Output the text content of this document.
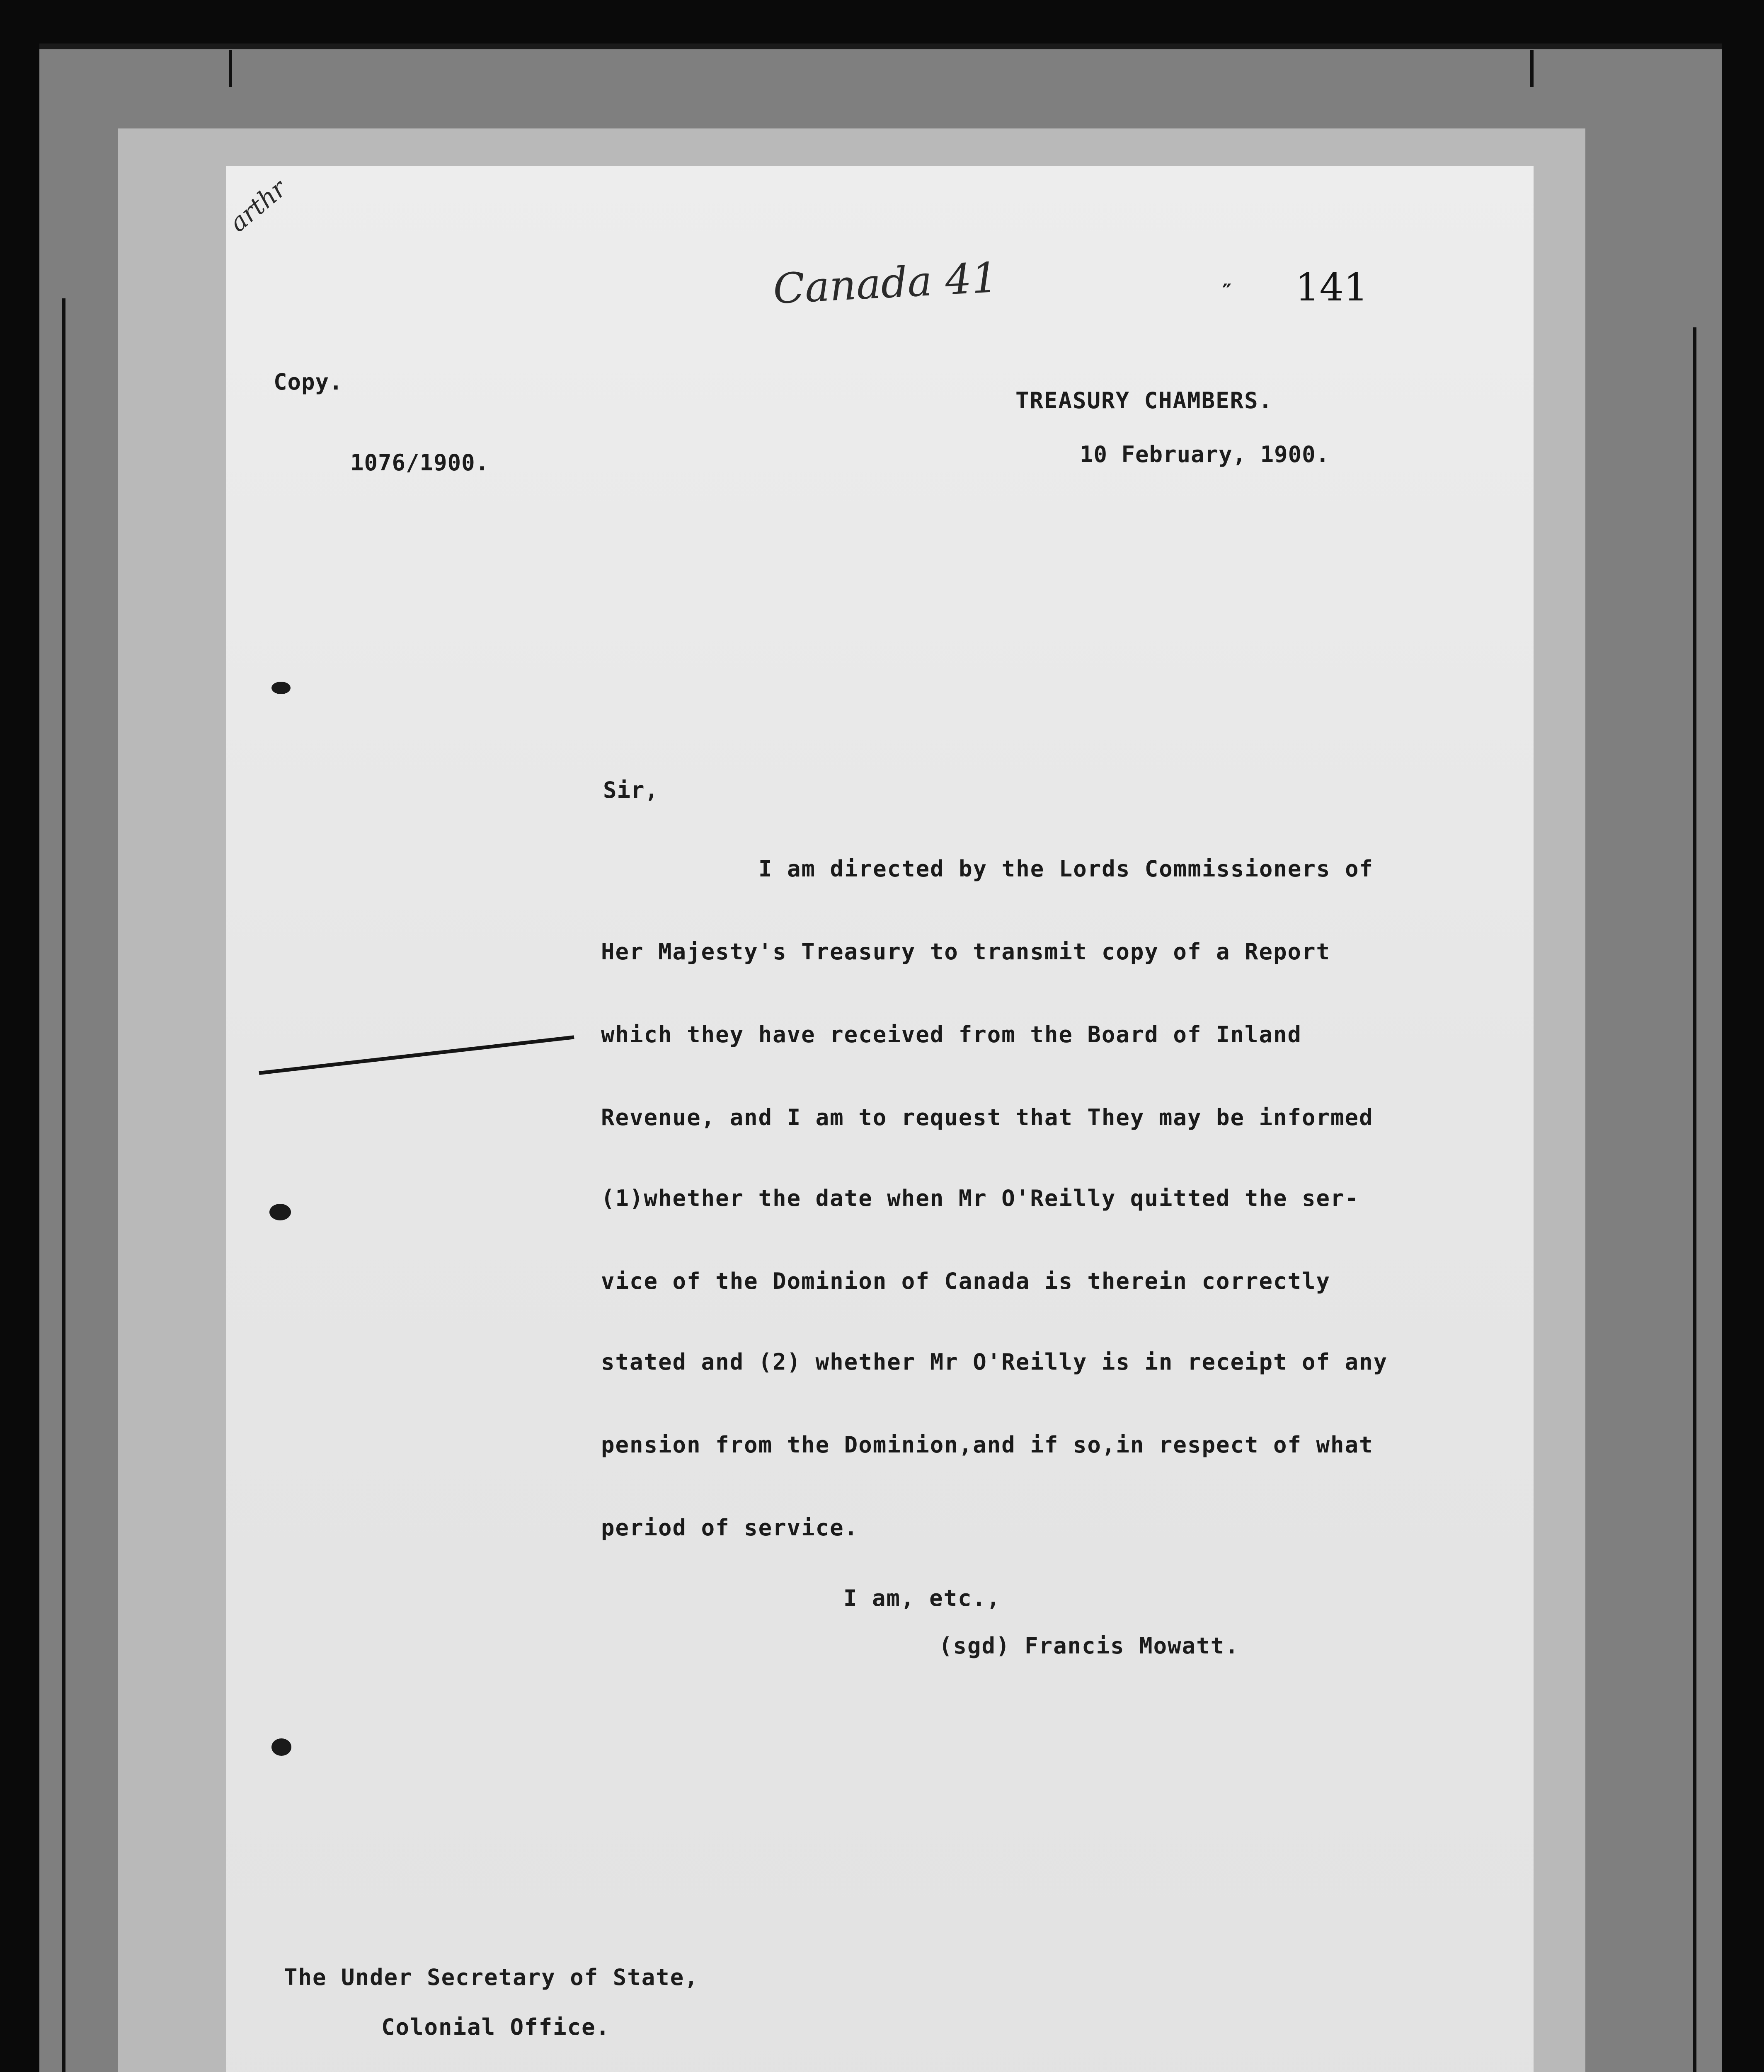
arthr
Canada 41	″ 141
Copy.
1076/1900.
TREASURY CHAMBERS.
10 February, 1900.
Sir,
I am directed by the Lords Commissioners of
Her Majesty's Treasury to transmit copy of a Report
which they have received from the Board of Inland
Revenue, and I am to request that They may be informed
(1)whether the date when Mr O'Reilly quitted the ser-
vice of the Dominion of Canada is therein correctly
stated and (2) whether Mr O'Reilly is in receipt of any
pension from the Dominion,and if so,in respect of what
period of service.
I am, etc.,
(sgd) Francis Mowatt.
The Under Secretary of State,
Colonial Office.
